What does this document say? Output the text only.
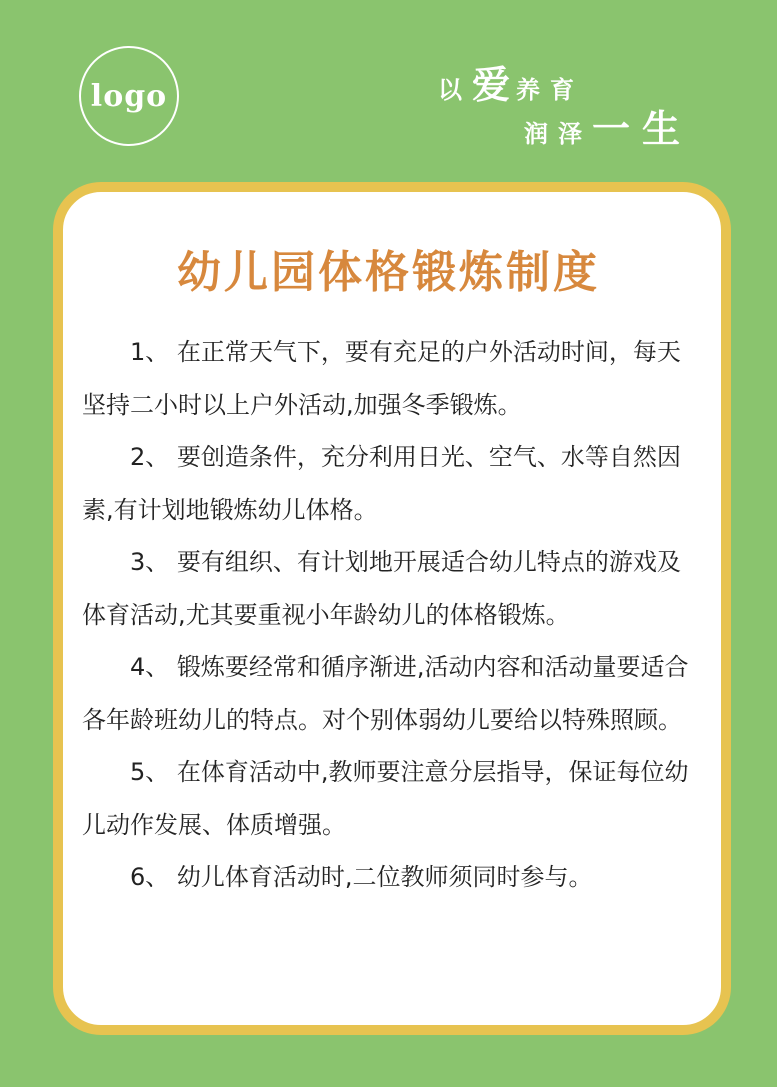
logo	以爱养育
润泽一生
幼儿园体格锻炼制度

1、 在正常天气下，要有充足的户外活动时间，每天坚持二小时以上户外活动,加强冬季锻炼。

2、 要创造条件，充分利用日光、空气、水等自然因素,有计划地锻炼幼儿体格。

3、 要有组织、有计划地开展适合幼儿特点的游戏及体育活动,尤其要重视小年龄幼儿的体格锻炼。

4、 锻炼要经常和循序渐进,活动内容和活动量要适合各年龄班幼儿的特点。对个别体弱幼儿要给以特殊照顾。

5、 在体育活动中,教师要注意分层指导，保证每位幼儿动作发展、体质增强。

6、 幼儿体育活动时,二位教师须同时参与。
